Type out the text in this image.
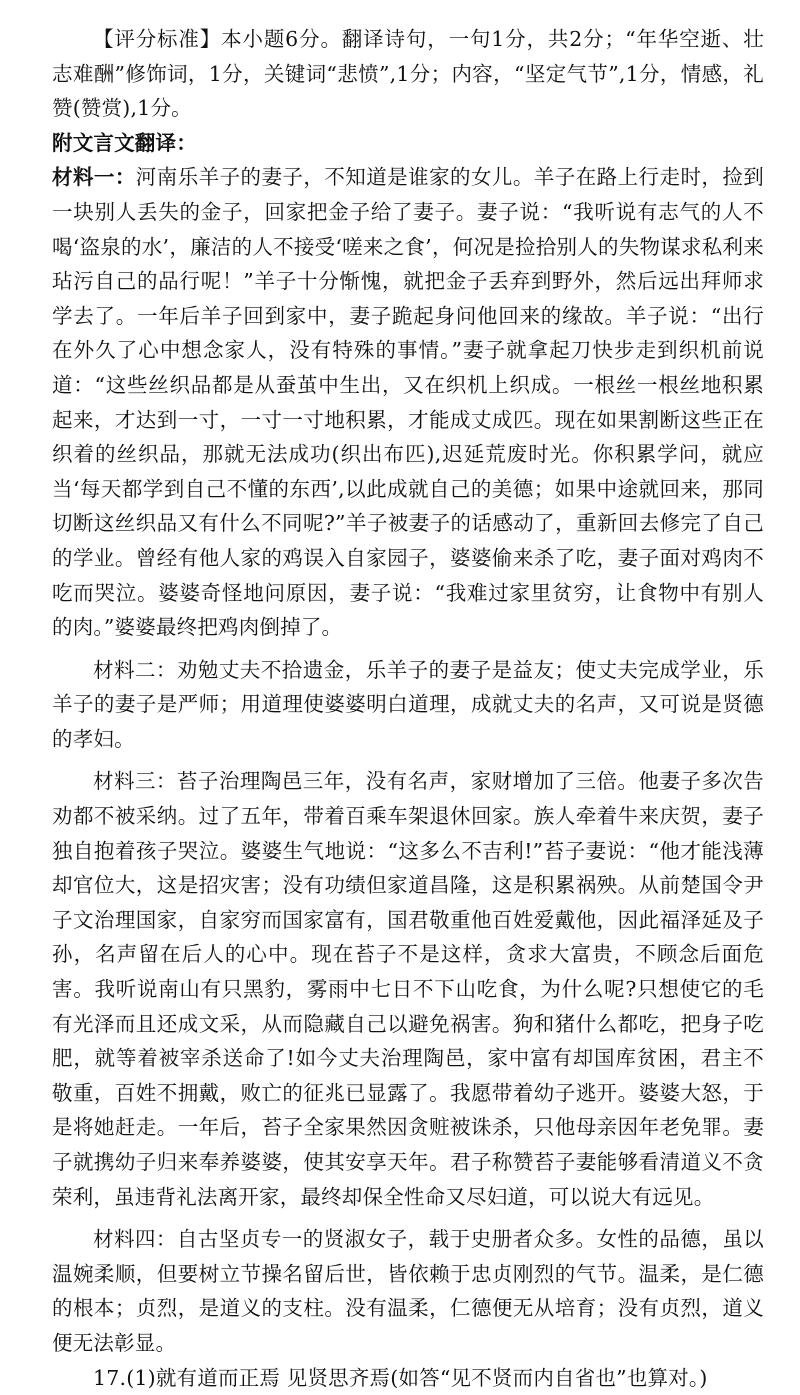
【评分标准】本小题6分。翻译诗句，一句1分，共2分；“年华空逝、壮志难酬”修饰词，1分，关键词“悲愤”,1分；内容，“坚定气节”,1分，情感，礼赞(赞赏),1分。

附文言文翻译：

材料一：河南乐羊子的妻子，不知道是谁家的女儿。羊子在路上行走时，捡到一块别人丢失的金子，回家把金子给了妻子。妻子说：“我听说有志气的人不喝‘盗泉的水’，廉洁的人不接受‘嗟来之食’，何况是捡拾别人的失物谋求私利来玷污自己的品行呢！”羊子十分惭愧，就把金子丢弃到野外，然后远出拜师求学去了。一年后羊子回到家中，妻子跪起身问他回来的缘故。羊子说：“出行在外久了心中想念家人，没有特殊的事情。”妻子就拿起刀快步走到织机前说道：“这些丝织品都是从蚕茧中生出，又在织机上织成。一根丝一根丝地积累起来，才达到一寸，一寸一寸地积累，才能成丈成匹。现在如果割断这些正在织着的丝织品，那就无法成功(织出布匹),迟延荒废时光。你积累学问，就应当‘每天都学到自己不懂的东西’,以此成就自己的美德；如果中途就回来，那同切断这丝织品又有什么不同呢?”羊子被妻子的话感动了，重新回去修完了自己的学业。曾经有他人家的鸡误入自家园子，婆婆偷来杀了吃，妻子面对鸡肉不吃而哭泣。婆婆奇怪地问原因，妻子说：“我难过家里贫穷，让食物中有别人的肉。”婆婆最终把鸡肉倒掉了。

材料二：劝勉丈夫不拾遗金，乐羊子的妻子是益友；使丈夫完成学业，乐羊子的妻子是严师；用道理使婆婆明白道理，成就丈夫的名声，又可说是贤德的孝妇。

材料三：苔子治理陶邑三年，没有名声，家财增加了三倍。他妻子多次告劝都不被采纳。过了五年，带着百乘车架退休回家。族人牵着牛来庆贺，妻子独自抱着孩子哭泣。婆婆生气地说：“这多么不吉利!”苔子妻说：“他才能浅薄却官位大，这是招灾害；没有功绩但家道昌隆，这是积累祸殃。从前楚国令尹子文治理国家，自家穷而国家富有，国君敬重他百姓爱戴他，因此福泽延及子孙，名声留在后人的心中。现在苔子不是这样，贪求大富贵，不顾念后面危害。我听说南山有只黑豹，雾雨中七日不下山吃食，为什么呢?只想使它的毛有光泽而且还成文采，从而隐藏自己以避免祸害。狗和猪什么都吃，把身子吃肥，就等着被宰杀送命了!如今丈夫治理陶邑，家中富有却国库贫困，君主不敬重，百姓不拥戴，败亡的征兆已显露了。我愿带着幼子逃开。婆婆大怒，于是将她赶走。一年后，苔子全家果然因贪赃被诛杀，只他母亲因年老免罪。妻子就携幼子归来奉养婆婆，使其安享天年。君子称赞苔子妻能够看清道义不贪荣利，虽违背礼法离开家，最终却保全性命又尽妇道，可以说大有远见。

材料四：自古坚贞专一的贤淑女子，载于史册者众多。女性的品德，虽以温婉柔顺，但要树立节操名留后世，皆依赖于忠贞刚烈的气节。温柔，是仁德的根本；贞烈，是道义的支柱。没有温柔，仁德便无从培育；没有贞烈，道义便无法彰显。

17.(1)就有道而正焉 见贤思齐焉(如答“见不贤而内自省也”也算对。)
